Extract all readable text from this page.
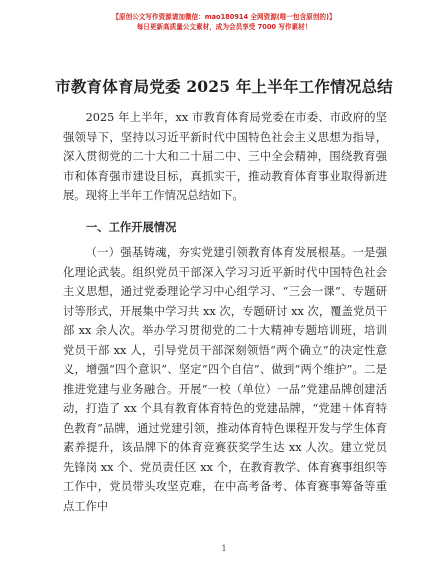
【原创公文写作资源请加微信：mao180914 全网资源(唯一包含原创的)】
每日更新高质量公文素材，成为会员享受 7000 写作素材！
市教育体育局党委 2025 年上半年工作情况总结
2025 年上半年，xx 市教育体育局党委在市委、市政府的坚强领导下，坚持以习近平新时代中国特色社会主义思想为指导，深入贯彻党的二十大和二十届二中、三中全会精神，围绕教育强市和体育强市建设目标，真抓实干，推动教育体育事业取得新进展。现将上半年工作情况总结如下。
一、工作开展情况
（一）强基铸魂，夯实党建引领教育体育发展根基。一是强化理论武装。组织党员干部深入学习习近平新时代中国特色社会主义思想，通过党委理论学习中心组学习、“三会一课”、专题研讨等形式，开展集中学习共 xx 次，专题研讨 xx 次，覆盖党员干部 xx 余人次。举办学习贯彻党的二十大精神专题培训班，培训党员干部 xx 人，引导党员干部深刻领悟“两个确立”的决定性意义，增强“四个意识”、坚定“四个自信”、做到“两个维护”。二是推进党建与业务融合。开展“一校（单位）一品”党建品牌创建活动，打造了 xx 个具有教育体育特色的党建品牌，“党建＋体育特色教育”品牌，通过党建引领，推动体育特色课程开发与学生体育素养提升，该品牌下的体育竞赛获奖学生达 xx 人次。建立党员先锋岗 xx 个、党员责任区 xx 个，在教育教学、体育赛事组织等工作中，党员带头攻坚克难，在中高考备考、体育赛事筹备等重点工作中
1
